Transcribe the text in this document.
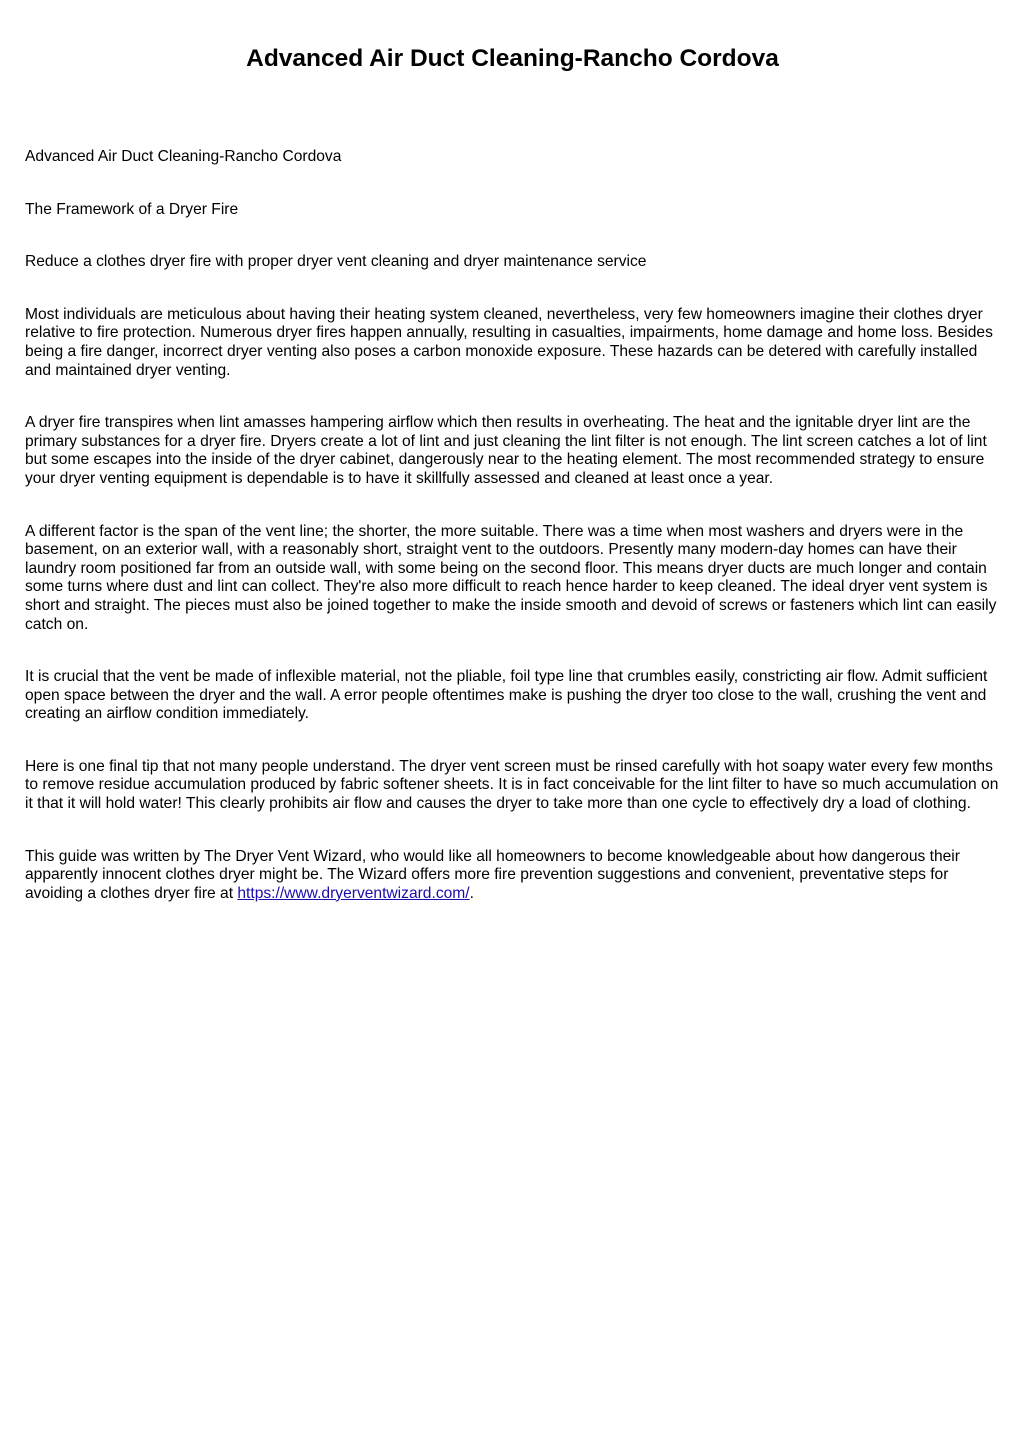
Advanced Air Duct Cleaning-Rancho Cordova

Advanced Air Duct Cleaning-Rancho Cordova

The Framework of a Dryer Fire

Reduce a clothes dryer fire with proper dryer vent cleaning and dryer maintenance service

Most individuals are meticulous about having their heating system cleaned, nevertheless, very few homeowners imagine their clothes dryer relative to fire protection. Numerous dryer fires happen annually, resulting in casualties, impairments, home damage and home loss. Besides being a fire danger, incorrect dryer venting also poses a carbon monoxide exposure. These hazards can be detered with carefully installed and maintained dryer venting.

A dryer fire transpires when lint amasses hampering airflow which then results in overheating. The heat and the ignitable dryer lint are the primary substances for a dryer fire. Dryers create a lot of lint and just cleaning the lint filter is not enough. The lint screen catches a lot of lint but some escapes into the inside of the dryer cabinet, dangerously near to the heating element. The most recommended strategy to ensure your dryer venting equipment is dependable is to have it skillfully assessed and cleaned at least once a year.

A different factor is the span of the vent line; the shorter, the more suitable. There was a time when most washers and dryers were in the basement, on an exterior wall, with a reasonably short, straight vent to the outdoors. Presently many modern-day homes can have their laundry room positioned far from an outside wall, with some being on the second floor. This means dryer ducts are much longer and contain some turns where dust and lint can collect. They're also more difficult to reach hence harder to keep cleaned. The ideal dryer vent system is short and straight. The pieces must also be joined together to make the inside smooth and devoid of screws or fasteners which lint can easily catch on.

It is crucial that the vent be made of inflexible material, not the pliable, foil type line that crumbles easily, constricting air flow. Admit sufficient open space between the dryer and the wall. A error people oftentimes make is pushing the dryer too close to the wall, crushing the vent and creating an airflow condition immediately.

Here is one final tip that not many people understand. The dryer vent screen must be rinsed carefully with hot soapy water every few months to remove residue accumulation produced by fabric softener sheets. It is in fact conceivable for the lint filter to have so much accumulation on it that it will hold water! This clearly prohibits air flow and causes the dryer to take more than one cycle to effectively dry a load of clothing.

This guide was written by The Dryer Vent Wizard, who would like all homeowners to become knowledgeable about how dangerous their apparently innocent clothes dryer might be. The Wizard offers more fire prevention suggestions and convenient, preventative steps for avoiding a clothes dryer fire at https://www.dryerventwizard.com/.
